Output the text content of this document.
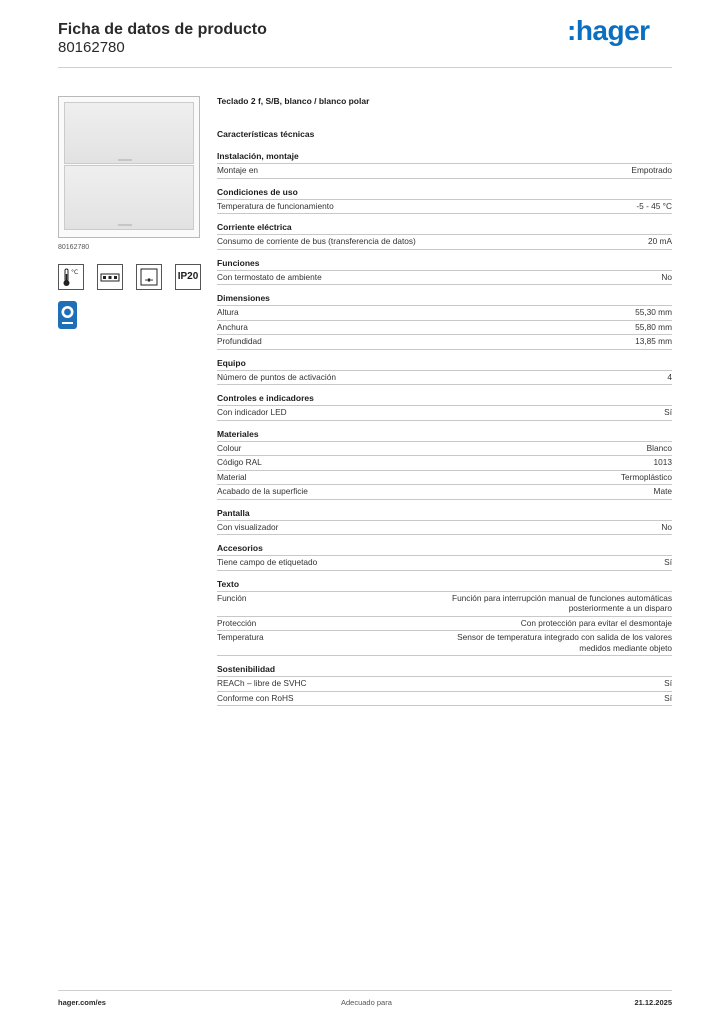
Ficha de datos de producto
80162780
:hager
80162780
°C	IP20
Teclado 2 f, S/B, blanco / blanco polar
Características técnicas
Instalación, montaje
Montaje en	Empotrado
Condiciones de uso
Temperatura de funcionamiento	-5 - 45 °C
Corriente eléctrica
Consumo de corriente de bus (transferencia de datos)	20 mA
Funciones
Con termostato de ambiente	No
Dimensiones
Altura	55,30 mm
Anchura	55,80 mm
Profundidad	13,85 mm
Equipo
Número de puntos de activación	4
Controles e indicadores
Con indicador LED	Sí
Materiales
Colour	Blanco
Código RAL	1013
Material	Termoplástico
Acabado de la superficie	Mate
Pantalla
Con visualizador	No
Accesorios
Tiene campo de etiquetado	Sí
Texto
Función	Función para interrupción manual de funciones automáticas posteriormente a un disparo
Protección	Con protección para evitar el desmontaje
Temperatura	Sensor de temperatura integrado con salida de los valores medidos mediante objeto
Sostenibilidad
REACh – libre de SVHC	Sí
Conforme con RoHS	Sí
hager.com/es	Adecuado para	21.12.2025
